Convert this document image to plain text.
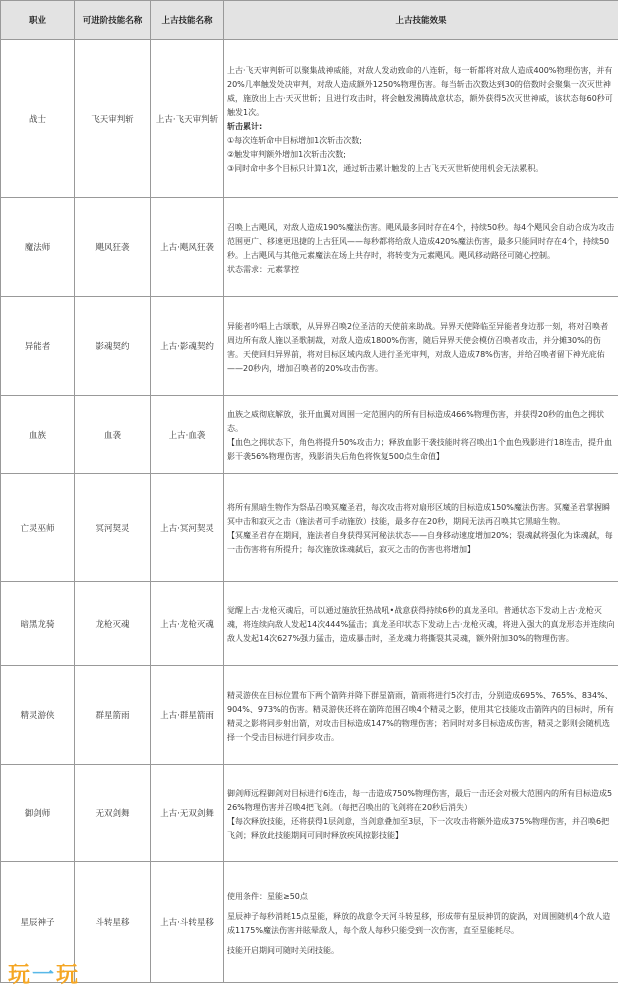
职业	可进阶技能名称	上古技能名称	上古技能效果
战士	飞天审判斩	上古·飞天审判斩	上古·飞天审判斩可以聚集战神威能，对敌人发动致命的八连斩，每一斩都将对敌人造成400%物理伤害，并有20%几率触发处决审判，对敌人造成额外1250%物理伤害。每当斩击次数达到30的倍数时会聚集一次灭世神威，施放出上古·天灭世斩；且进行攻击时，将会触发沸腾战意状态，额外获得5次灭世神威，该状态每60秒可触发1次。

斩击累计:

①每次连斩命中目标增加1次斩击次数;

②触发审判额外增加1次斩击次数;

③同时命中多个目标只计算1次，通过斩击累计触发的上古飞天灭世斩使用机会无法累积。

魔法师	飓风狂袭	上古·飓风狂袭	召唤上古飓风，对敌人造成190%魔法伤害。飓风最多同时存在4个，持续50秒。每4个飓风会自动合成为攻击范围更广、移速更迅捷的上古狂风——每秒都将给敌人造成420%魔法伤害，最多只能同时存在4个，持续50秒。上古飓风与其他元素魔法在场上共存时，将转变为元素飓风。飓风移动路径可随心控制。

状态需求：元素掌控

异能者	影魂契约	上古·影魂契约	异能者吟唱上古颂歌，从异界召唤2位圣洁的天使前来助战。异界天使降临至异能者身边那一刻，将对召唤者周边所有敌人施以圣歌制裁，对敌人造成1800%伤害，随后异界天使会模仿召唤者攻击，并分摊30%的伤害。天使回归异界前，将对目标区域内敌人进行圣光审判，对敌人造成78%伤害，并给召唤者留下神光庇佑——20秒内，增加召唤者的20%攻击伤害。

血族	血袭	上古·血袭	血族之威彻底解放，张开血翼对周围一定范围内的所有目标造成466%物理伤害，并获得20秒的血色之拥状态。

【血色之拥状态下，角色将提升50%攻击力；释放血影干袭技能时将召唤出1个血色残影进行18连击，提升血影干袭56%物理伤害，残影消失后角色将恢复500点生命值】

亡灵巫师	冥河契灵	上古·冥河契灵	将所有黑暗生物作为祭品召唤冥魔圣君，每次攻击将对扇形区域的目标造成150%魔法伤害。冥魔圣君掌握瞬冥中击和寂灭之击（施法者可手动施放）技能，最多存在20秒，期间无法再召唤其它黑暗生物。

【冥魔圣君存在期间，施法者自身获得冥河秘法状态——自身移动速度增加20%；裂魂弑将强化为诛魂弑，每一击伤害将有所提升；每次施放诛魂弑后，寂灭之击的伤害也将增加】

暗黑龙骑	龙枪灭魂	上古·龙枪灭魂	觉醒上古·龙枪灭魂后，可以通过施放狂热战吼•战意获得持续6秒的真龙圣印。普通状态下发动上古·龙枪灭魂，将连续向敌人发起14次444%猛击；真龙圣印状态下发动上古·龙枪灭魂，将进入强大的真龙形态并连续向敌人发起14次627%强力猛击，造成暴击时，圣龙魂力将撕裂其灵魂，额外附加30%的物理伤害。

精灵游侠	群星箭雨	上古·群星箭雨	精灵游侠在目标位置布下两个箭阵并降下群星箭雨，箭雨将进行5次打击，分别造成695%、765%、834%、904%、973%的伤害。精灵游侠还将在箭阵范围召唤4个精灵之影，使用其它技能攻击箭阵内的目标时，所有精灵之影将同步射出箭，对攻击目标造成147%的物理伤害；若同时对多目标造成伤害，精灵之影则会随机选择一个受击目标进行同步攻击。

御剑师	无双剑舞	上古·无双剑舞	御剑师远程御剑对目标进行6连击，每一击造成750%物理伤害，最后一击还会对极大范围内的所有目标造成526%物理伤害并召唤4把飞剑。（每把召唤出的飞剑将在20秒后消失）

【每次释放技能，还将获得1层剑意，当剑意叠加至3层，下一次攻击将额外造成375%物理伤害，并召唤6把飞剑；释放此技能期间可同时释放疾风掠影技能】

星辰神子	斗转星移	上古·斗转星移	使用条件：星能≥50点

星辰神子每秒消耗15点星能，释放的战意令天河斗转星移，形成带有星辰神罚的旋涡，对周围随机4个敌人造成1175%魔法伤害并眩晕敌人，每个敌人每秒只能受到一次伤害，直至星能耗尽。

技能开启期间可随时关闭技能。

玩一玩
